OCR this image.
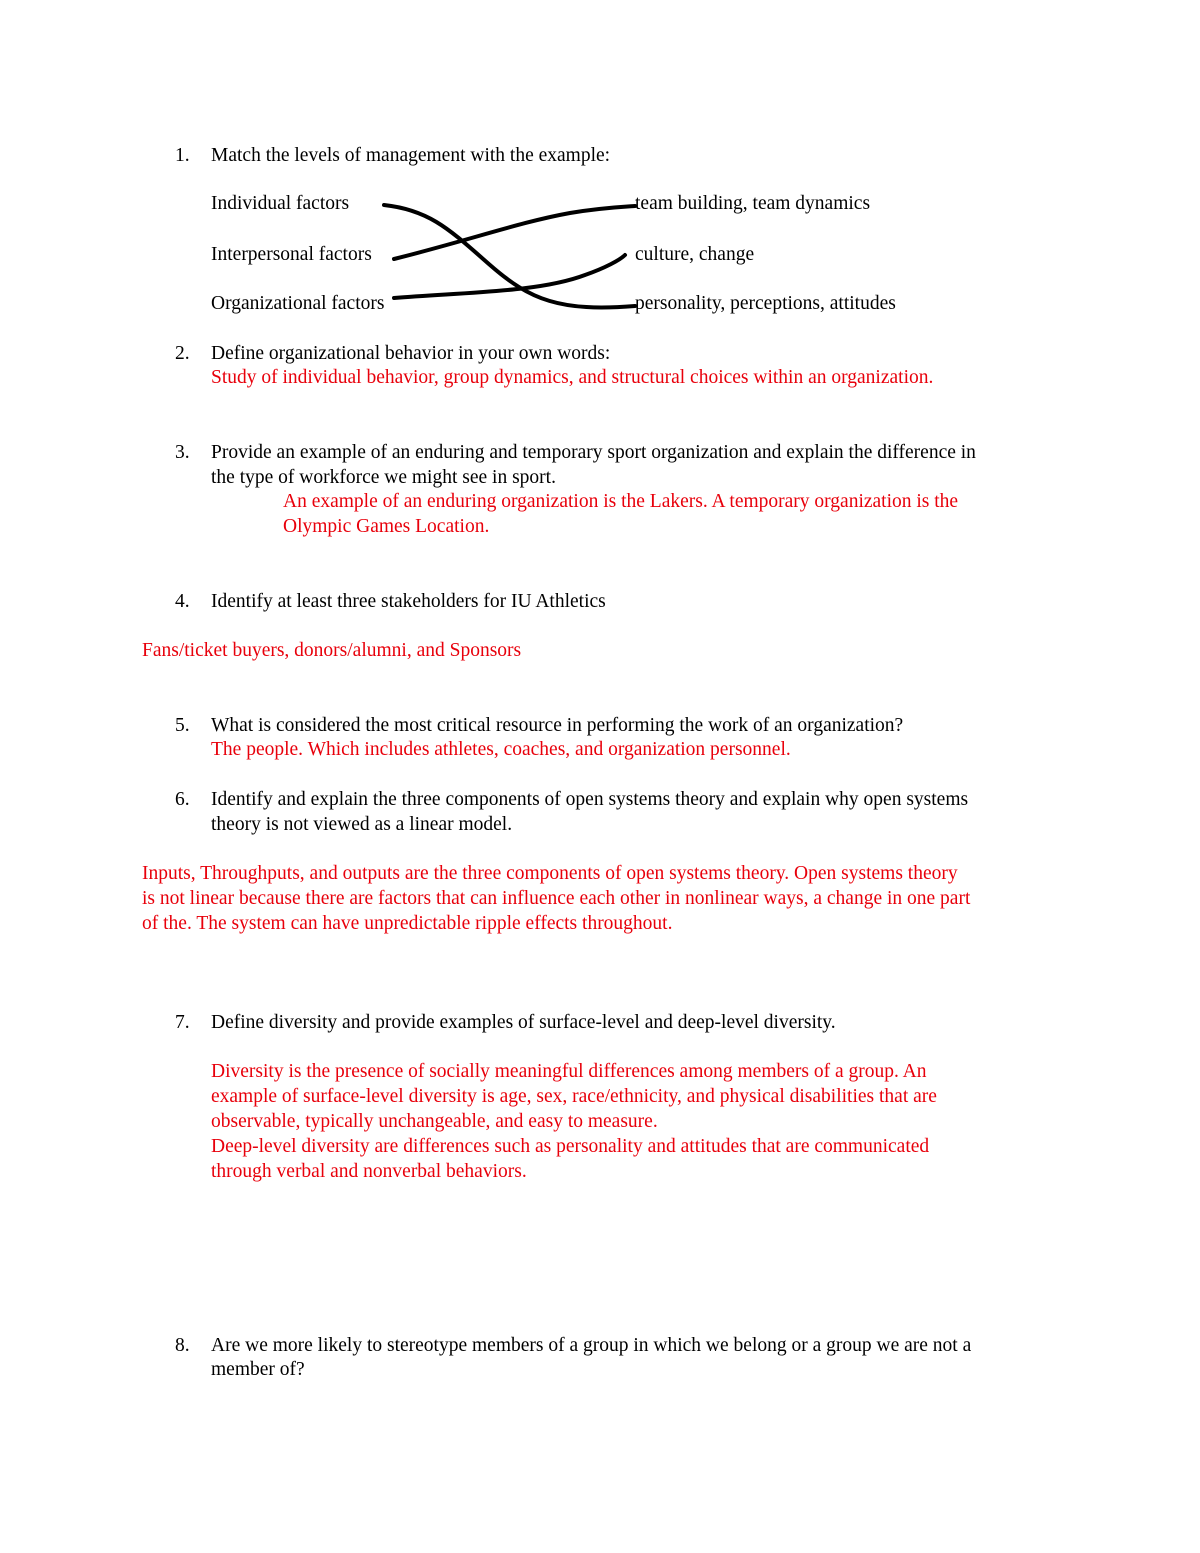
1. Match the levels of management with the example:
Individual factors
Interpersonal factors
Organizational factors
team building, team dynamics
culture, change
personality, perceptions, attitudes
2. Define organizational behavior in your own words:
Study of individual behavior, group dynamics, and structural choices within an organization.
3. Provide an example of an enduring and temporary sport organization and explain the difference in
the type of workforce we might see in sport.
An example of an enduring organization is the Lakers. A temporary organization is the
Olympic Games Location.
4. Identify at least three stakeholders for IU Athletics
Fans/ticket buyers, donors/alumni, and Sponsors
5. What is considered the most critical resource in performing the work of an organization?
The people. Which includes athletes, coaches, and organization personnel.
6. Identify and explain the three components of open systems theory and explain why open systems
theory is not viewed as a linear model.
Inputs, Throughputs, and outputs are the three components of open systems theory. Open systems theory
is not linear because there are factors that can influence each other in nonlinear ways, a change in one part
of the. The system can have unpredictable ripple effects throughout.
7. Define diversity and provide examples of surface-level and deep-level diversity.
Diversity is the presence of socially meaningful differences among members of a group. An
example of surface-level diversity is age, sex, race/ethnicity, and physical disabilities that are
observable, typically unchangeable, and easy to measure.
Deep-level diversity are differences such as personality and attitudes that are communicated
through verbal and nonverbal behaviors.
8. Are we more likely to stereotype members of a group in which we belong or a group we are not a
member of?
